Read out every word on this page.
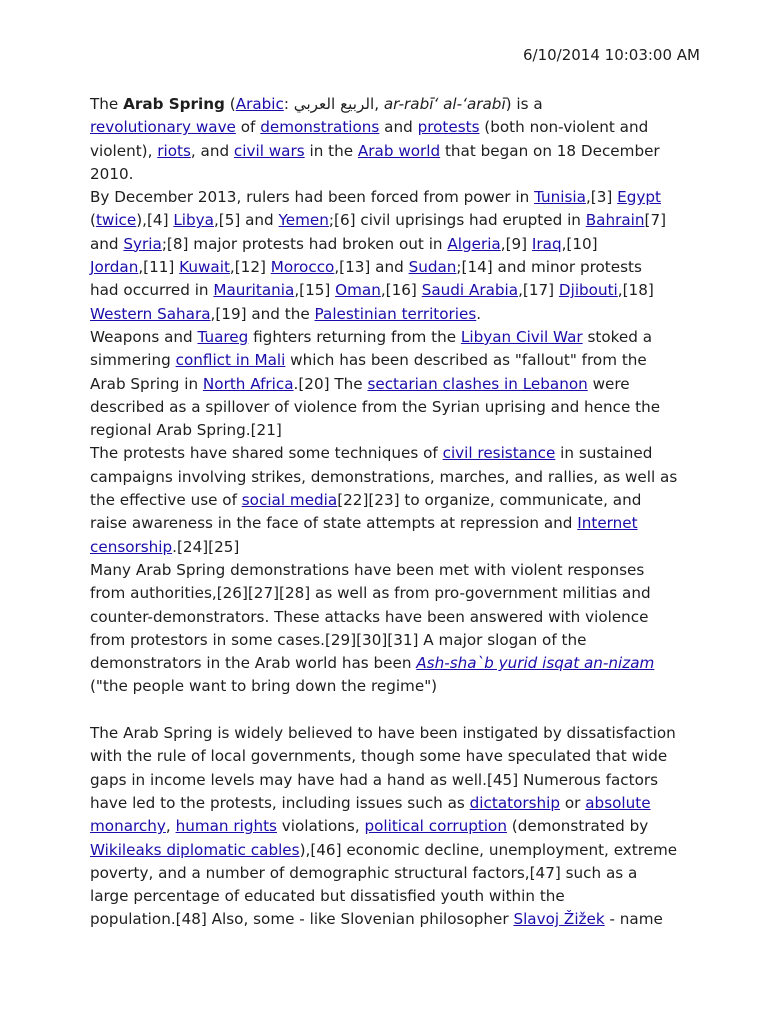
6/10/2014 10:03:00 AM

The Arab Spring (Arabic: الربيع العربي, ar-rabīʻ al-ʻarabī) is a

revolutionary wave of demonstrations and protests (both non-violent and

violent), riots, and civil wars in the Arab world that began on 18 December

2010.

By December 2013, rulers had been forced from power in Tunisia,[3] Egypt

(twice),[4] Libya,[5] and Yemen;[6] civil uprisings had erupted in Bahrain[7]

and Syria;[8] major protests had broken out in Algeria,[9] Iraq,[10]

Jordan,[11] Kuwait,[12] Morocco,[13] and Sudan;[14] and minor protests

had occurred in Mauritania,[15] Oman,[16] Saudi Arabia,[17] Djibouti,[18]

Western Sahara,[19] and the Palestinian territories.

Weapons and Tuareg fighters returning from the Libyan Civil War stoked a

simmering conflict in Mali which has been described as "fallout" from the

Arab Spring in North Africa.[20] The sectarian clashes in Lebanon were

described as a spillover of violence from the Syrian uprising and hence the

regional Arab Spring.[21]

The protests have shared some techniques of civil resistance in sustained

campaigns involving strikes, demonstrations, marches, and rallies, as well as

the effective use of social media[22][23] to organize, communicate, and

raise awareness in the face of state attempts at repression and Internet

censorship.[24][25]

Many Arab Spring demonstrations have been met with violent responses

from authorities,[26][27][28] as well as from pro-government militias and

counter-demonstrators. These attacks have been answered with violence

from protestors in some cases.[29][30][31] A major slogan of the

demonstrators in the Arab world has been Ash-sha`b yurid isqat an-nizam

("the people want to bring down the regime")

The Arab Spring is widely believed to have been instigated by dissatisfaction

with the rule of local governments, though some have speculated that wide

gaps in income levels may have had a hand as well.[45] Numerous factors

have led to the protests, including issues such as dictatorship or absolute

monarchy, human rights violations, political corruption (demonstrated by

Wikileaks diplomatic cables),[46] economic decline, unemployment, extreme

poverty, and a number of demographic structural factors,[47] such as a

large percentage of educated but dissatisfied youth within the

population.[48] Also, some - like Slovenian philosopher Slavoj Žižek - name
